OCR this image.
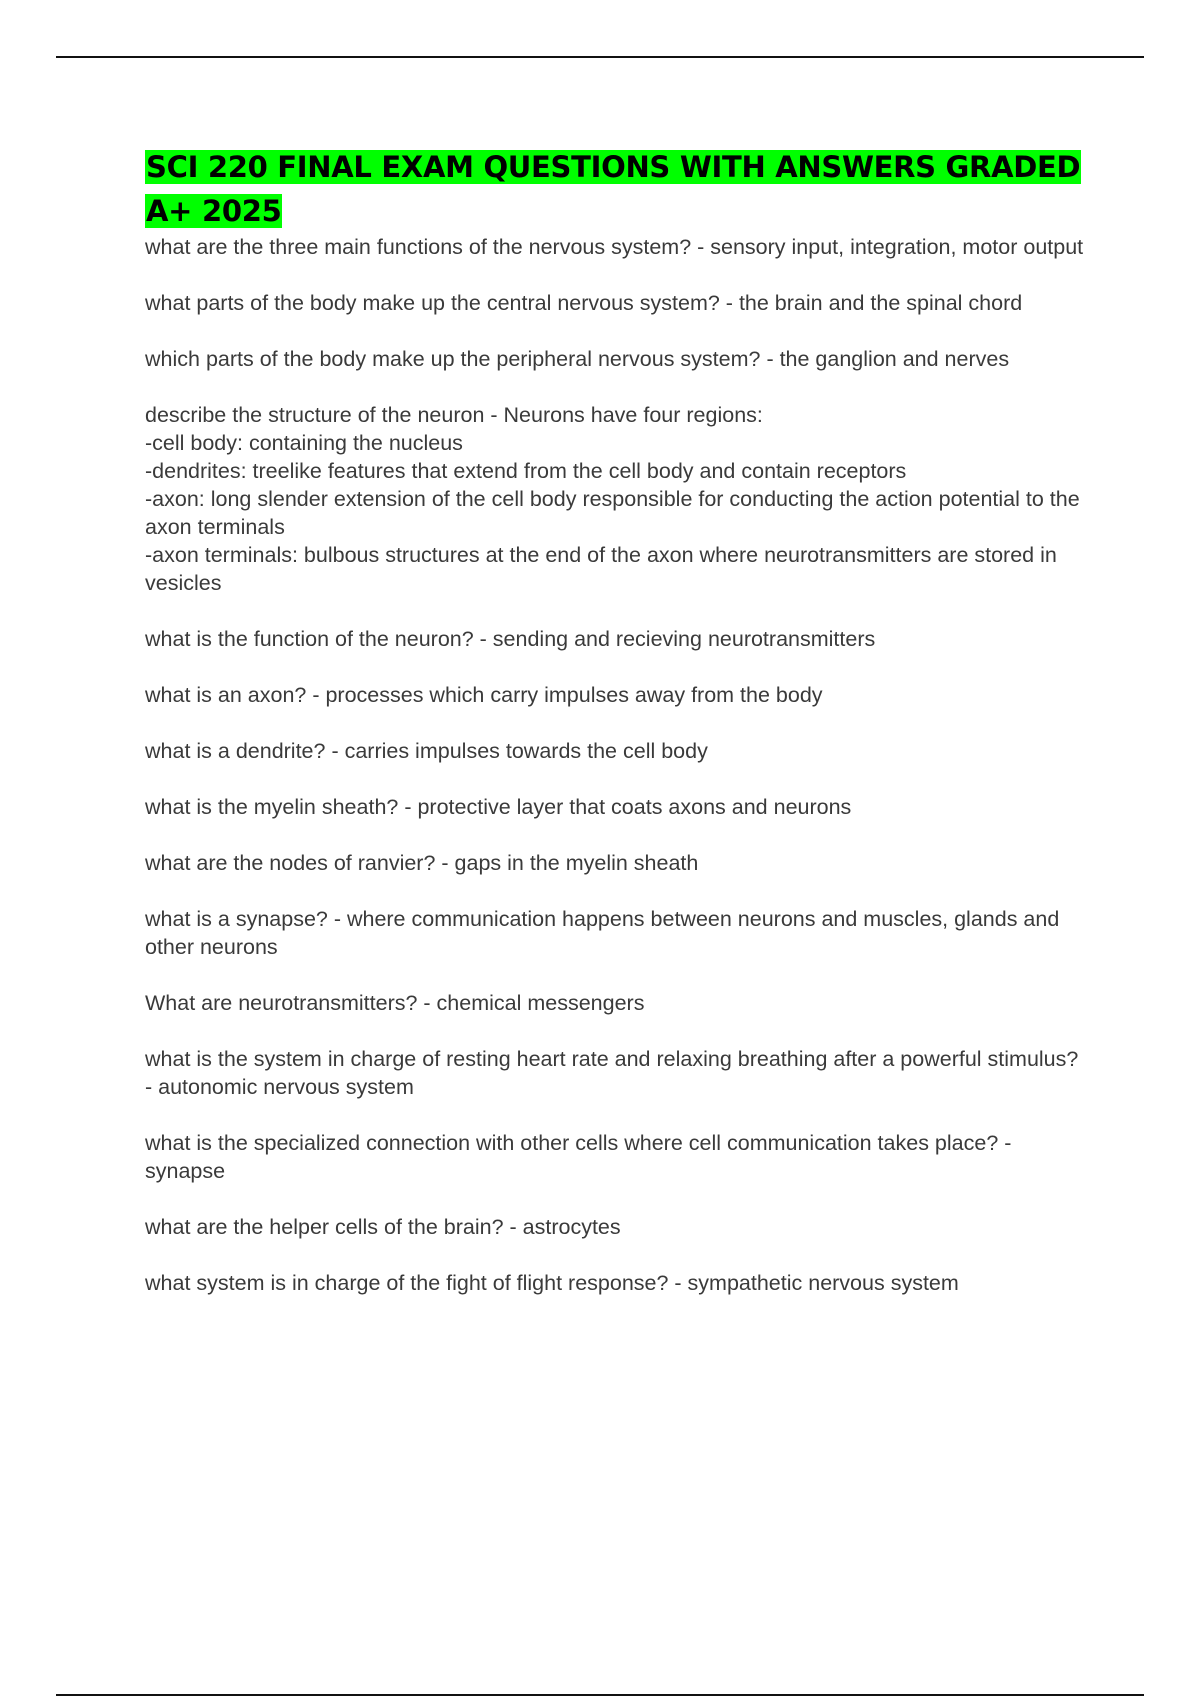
SCI 220 FINAL EXAM QUESTIONS WITH ANSWERS GRADED A+ 2025

what are the three main functions of the nervous system? - sensory input, integration, motor output

what parts of the body make up the central nervous system? - the brain and the spinal chord

which parts of the body make up the peripheral nervous system? - the ganglion and nerves

describe the structure of the neuron - Neurons have four regions:
-cell body: containing the nucleus
-dendrites: treelike features that extend from the cell body and contain receptors
-axon: long slender extension of the cell body responsible for conducting the action potential to the axon terminals
-axon terminals: bulbous structures at the end of the axon where neurotransmitters are stored in vesicles

what is the function of the neuron? - sending and recieving neurotransmitters

what is an axon? - processes which carry impulses away from the body

what is a dendrite? - carries impulses towards the cell body

what is the myelin sheath? - protective layer that coats axons and neurons

what are the nodes of ranvier? - gaps in the myelin sheath

what is a synapse? - where communication happens between neurons and muscles, glands and other neurons

What are neurotransmitters? - chemical messengers

what is the system in charge of resting heart rate and relaxing breathing after a powerful stimulus? - autonomic nervous system

what is the specialized connection with other cells where cell communication takes place? - synapse

what are the helper cells of the brain? - astrocytes

what system is in charge of the fight of flight response? - sympathetic nervous system
